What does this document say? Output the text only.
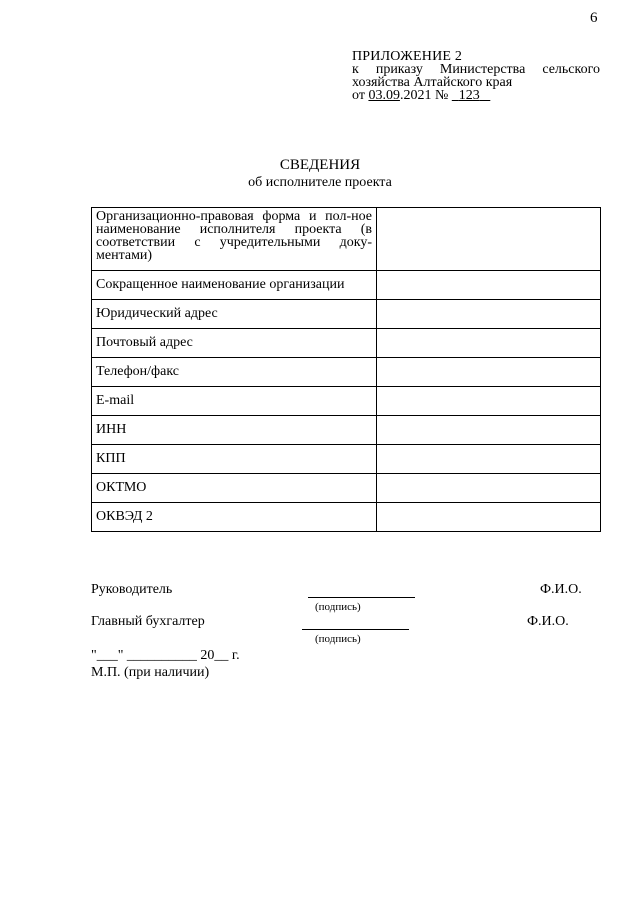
6
ПРИЛОЖЕНИЕ 2
к приказу Министерства сельского
хозяйства Алтайского края
от 03.09.2021 № 123
СВЕДЕНИЯ
об исполнителе проекта
Организационно-правовая форма и пол-ное наименование исполнителя проекта (в соответствии с учредительными доку-ментами)	
Сокращенное наименование организации	
Юридический адрес	
Почтовый адрес	
Телефон/факс	
E-mail	
ИНН	
КПП	
ОКТМО	
ОКВЭД 2	
Руководитель
(подпись)
Ф.И.О.
Главный бухгалтер
(подпись)
Ф.И.О.
"___" __________ 20__ г.
М.П. (при наличии)
